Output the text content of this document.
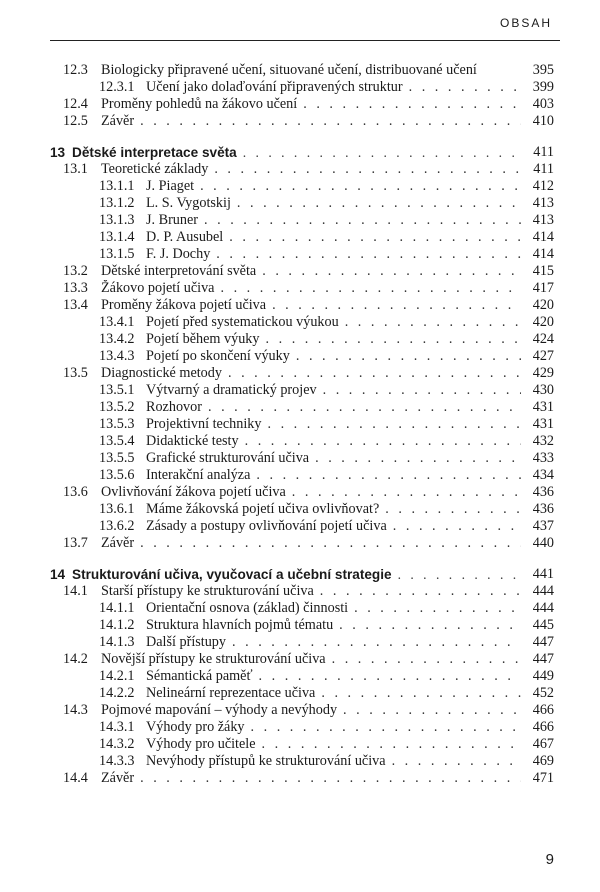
OBSAH
12.3 Biologicky připravené učení, situované učení, distribuované učení	395
12.3.1 Učení jako dolaďování připravených struktur . . .	399
12.4 Proměny pohledů na žákovo učení . . .	403
12.5 Závěr . . .	410
13 Dětské interpretace světa . . .	411
13.1 Teoretické základy . . .	411
13.1.1 J. Piaget . . .	412
13.1.2 L. S. Vygotskij . . .	413
13.1.3 J. Bruner . . .	413
13.1.4 D. P. Ausubel . . .	414
13.1.5 F. J. Dochy . . .	414
13.2 Dětské interpretování světa . . .	415
13.3 Žákovo pojetí učiva . . .	417
13.4 Proměny žákova pojetí učiva . . .	420
13.4.1 Pojetí před systematickou výukou . . .	420
13.4.2 Pojetí během výuky . . .	424
13.4.3 Pojetí po skončení výuky . . .	427
13.5 Diagnostické metody . . .	429
13.5.1 Výtvarný a dramatický projev . . .	430
13.5.2 Rozhovor . . .	431
13.5.3 Projektivní techniky . . .	431
13.5.4 Didaktické testy . . .	432
13.5.5 Grafické strukturování učiva . . .	433
13.5.6 Interakční analýza . . .	434
13.6 Ovlivňování žákova pojetí učiva . . .	436
13.6.1 Máme žákovská pojetí učiva ovlivňovat? . . .	436
13.6.2 Zásady a postupy ovlivňování pojetí učiva . . .	437
13.7 Závěr . . .	440
14 Strukturování učiva, vyučovací a učební strategie . . .	441
14.1 Starší přístupy ke strukturování učiva . . .	444
14.1.1 Orientační osnova (základ) činnosti . . .	444
14.1.2 Struktura hlavních pojmů tématu . . .	445
14.1.3 Další přístupy . . .	447
14.2 Novější přístupy ke strukturování učiva . . .	447
14.2.1 Sémantická paměť . . .	449
14.2.2 Nelineární reprezentace učiva . . .	452
14.3 Pojmové mapování – výhody a nevýhody . . .	466
14.3.1 Výhody pro žáky . . .	466
14.3.2 Výhody pro učitele . . .	467
14.3.3 Nevýhody přístupů ke strukturování učiva . . .	469
14.4 Závěr . . .	471
9
